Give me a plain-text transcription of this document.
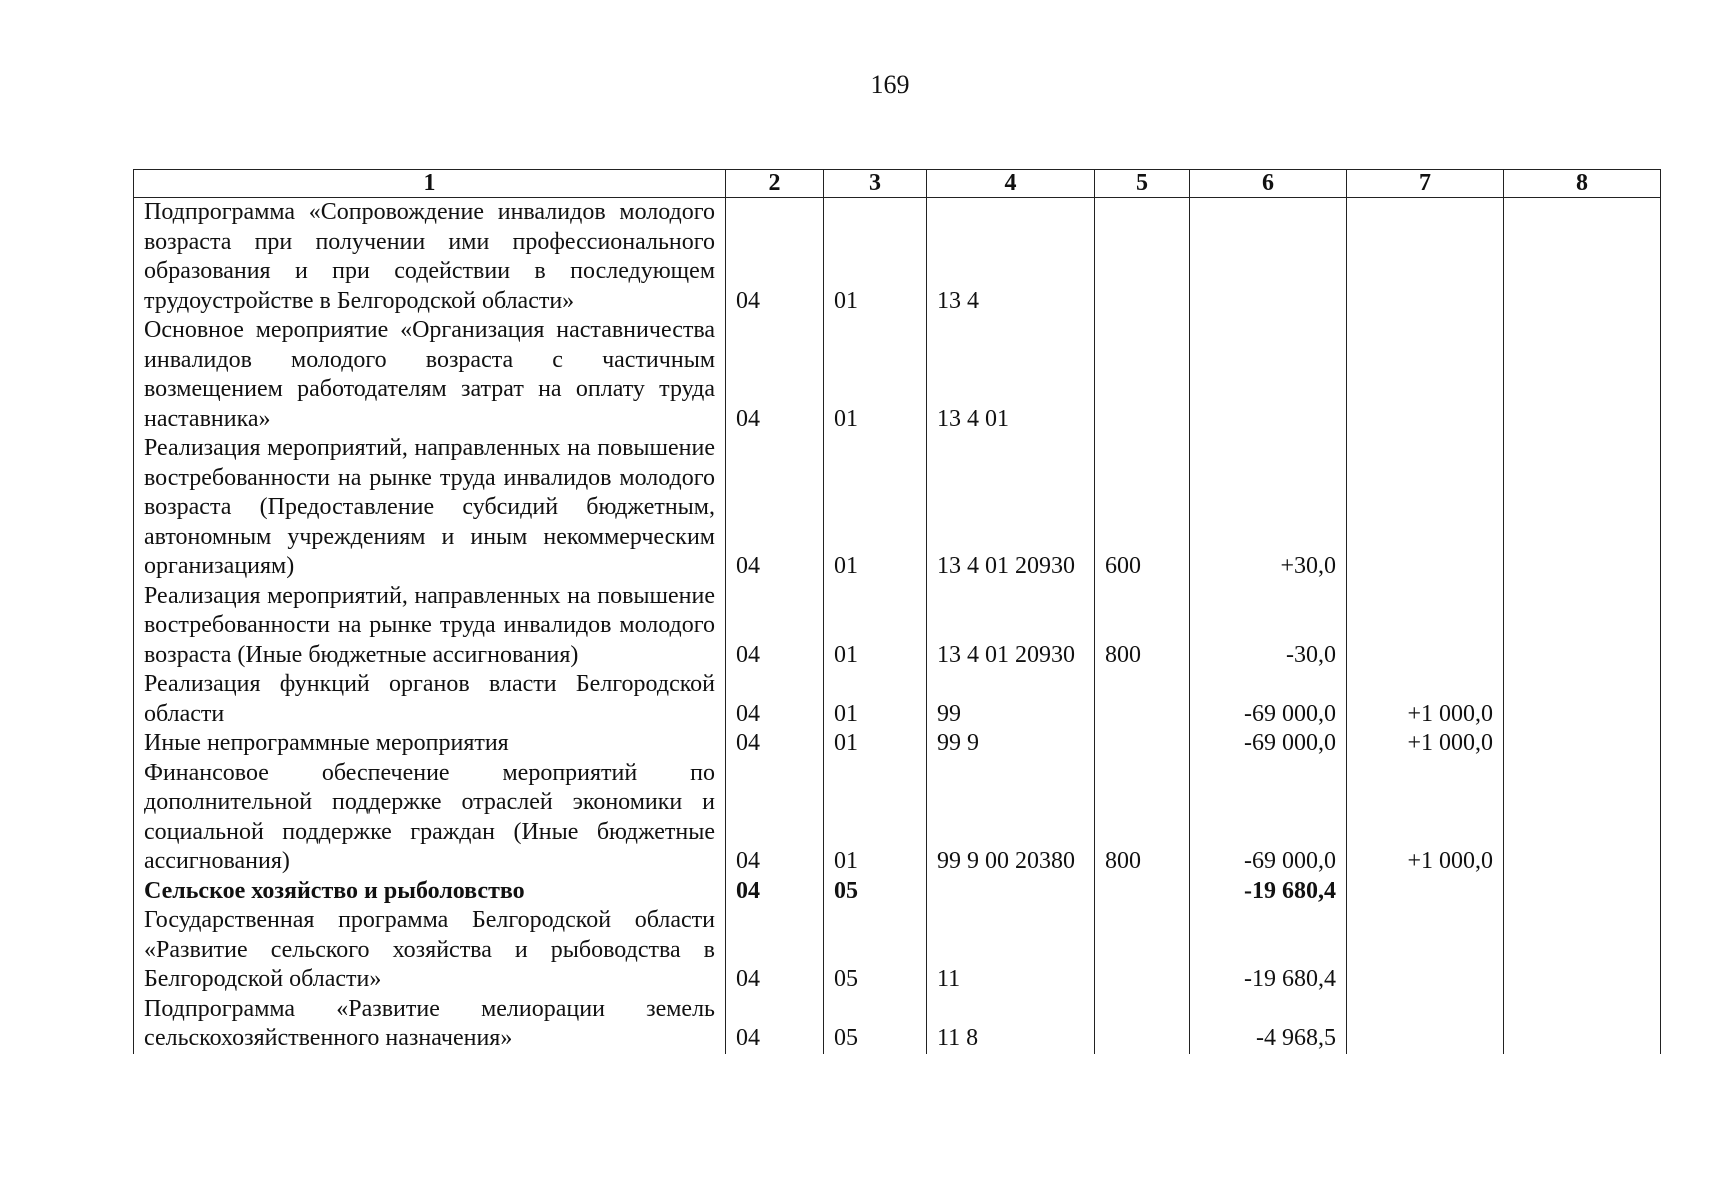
169
1	2	3	4	5	6	7	8
Подпрограмма «Сопровождение инвалидов молодого возраста при получении ими профессионального образования и при содействии в последующем трудоустройстве в Белгородской области»	04	01	13 4				
Основное мероприятие «Организация наставничества инвалидов молодого возраста с частичным возмещением работодателям затрат на оплату труда наставника»	04	01	13 4 01				
Реализация мероприятий, направленных на повышение востребованности на рынке труда инвалидов молодого возраста (Предоставление субсидий бюджетным, автономным учреждениям и иным некоммерческим организациям)	04	01	13 4 01 20930	600	+30,0		
Реализация мероприятий, направленных на повышение востребованности на рынке труда инвалидов молодого возраста (Иные бюджетные ассигнования)	04	01	13 4 01 20930	800	-30,0		
Реализация функций органов власти Белгородской области	04	01	99		-69 000,0	+1 000,0	
Иные непрограммные мероприятия	04	01	99 9		-69 000,0	+1 000,0	
Финансовое обеспечение мероприятий по дополнительной поддержке отраслей экономики и социальной поддержке граждан (Иные бюджетные ассигнования)	04	01	99 9 00 20380	800	-69 000,0	+1 000,0	
Сельское хозяйство и рыболовство	04	05			-19 680,4		
Государственная программа Белгородской области «Развитие сельского хозяйства и рыбоводства в Белгородской области»	04	05	11		-19 680,4		
Подпрограмма «Развитие мелиорации земель сельскохозяйственного назначения»	04	05	11 8		-4 968,5		
